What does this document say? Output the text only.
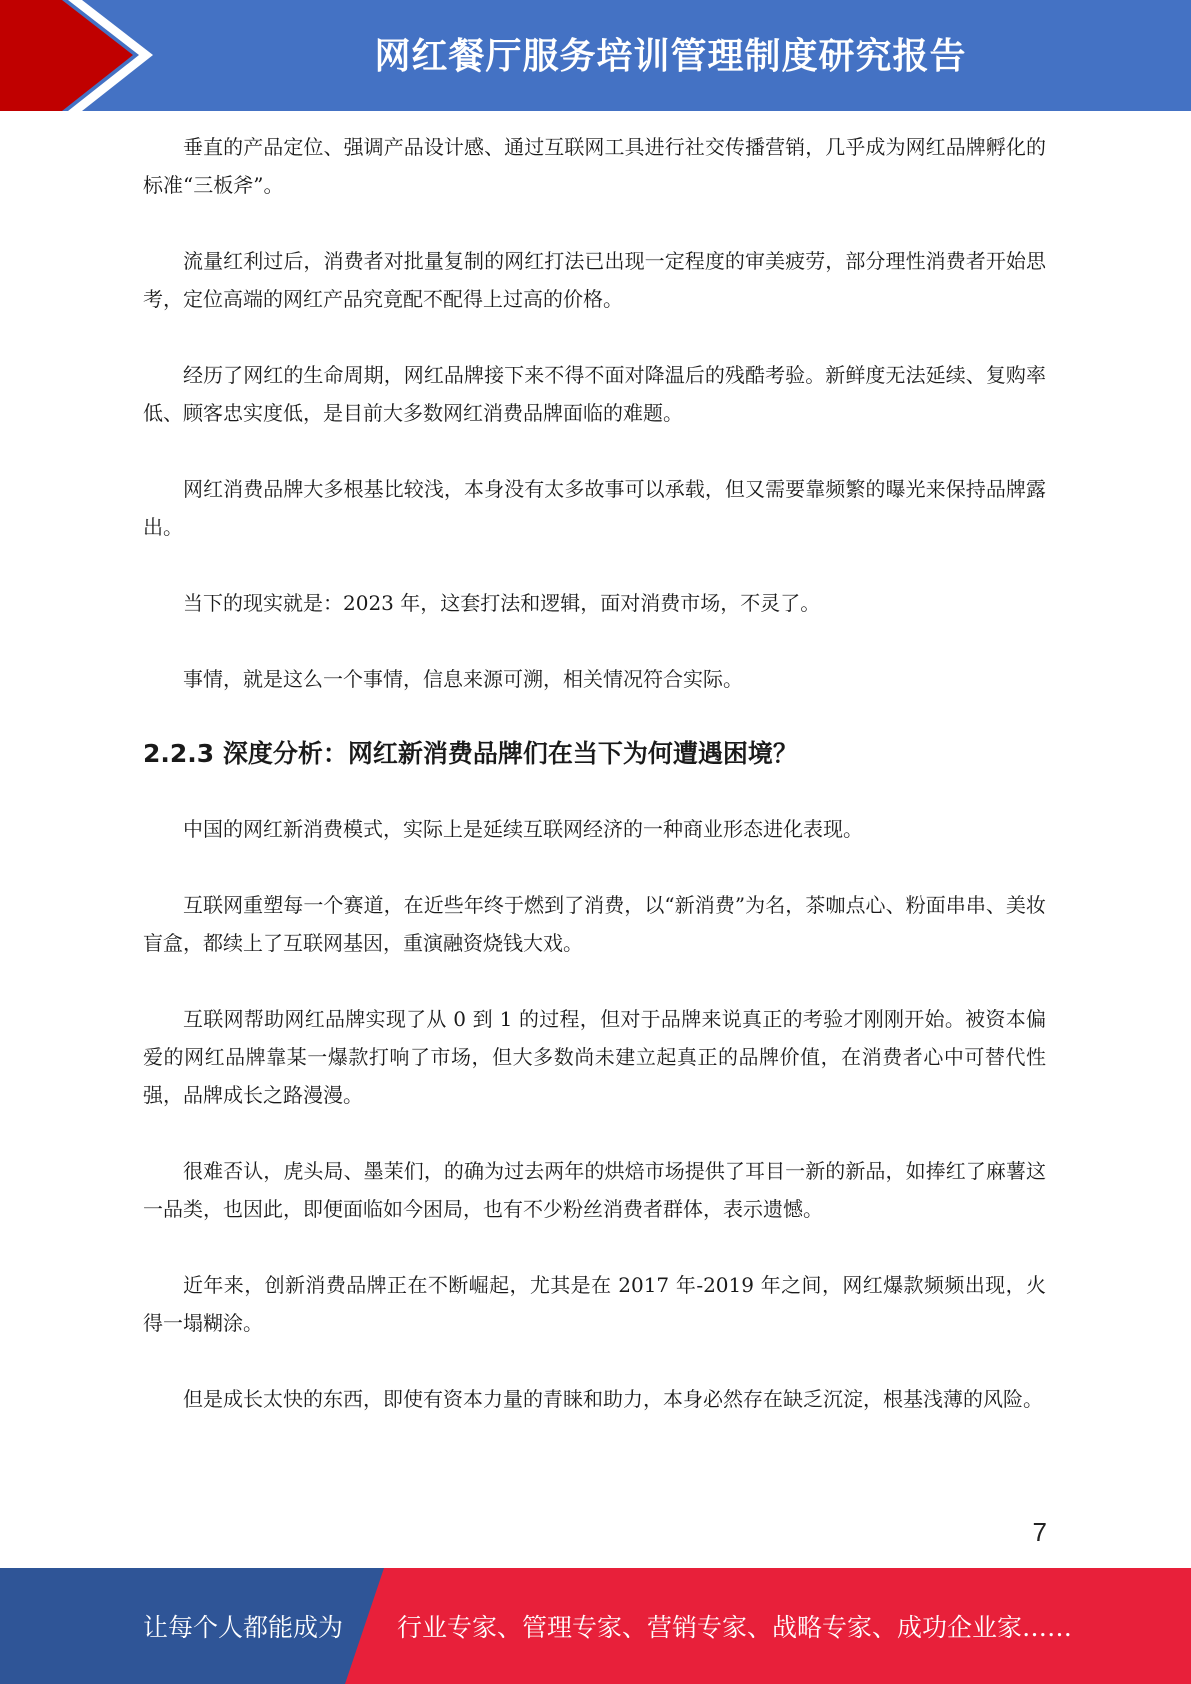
网红餐厅服务培训管理制度研究报告

垂直的产品定位、强调产品设计感、通过互联网工具进行社交传播营销，几乎成为网红品牌孵化的标准“三板斧”。

流量红利过后，消费者对批量复制的网红打法已出现一定程度的审美疲劳，部分理性消费者开始思考，定位高端的网红产品究竟配不配得上过高的价格。

经历了网红的生命周期，网红品牌接下来不得不面对降温后的残酷考验。新鲜度无法延续、复购率低、顾客忠实度低，是目前大多数网红消费品牌面临的难题。

网红消费品牌大多根基比较浅，本身没有太多故事可以承载，但又需要靠频繁的曝光来保持品牌露出。

当下的现实就是：2023 年，这套打法和逻辑，面对消费市场，不灵了。

事情，就是这么一个事情，信息来源可溯，相关情况符合实际。

2.2.3 深度分析：网红新消费品牌们在当下为何遭遇困境？

中国的网红新消费模式，实际上是延续互联网经济的一种商业形态进化表现。

互联网重塑每一个赛道，在近些年终于燃到了消费，以“新消费”为名，茶咖点心、粉面串串、美妆盲盒，都续上了互联网基因，重演融资烧钱大戏。

互联网帮助网红品牌实现了从 0 到 1 的过程，但对于品牌来说真正的考验才刚刚开始。被资本偏爱的网红品牌靠某一爆款打响了市场，但大多数尚未建立起真正的品牌价值，在消费者心中可替代性强，品牌成长之路漫漫。

很难否认，虎头局、墨茉们，的确为过去两年的烘焙市场提供了耳目一新的新品，如捧红了麻薯这一品类，也因此，即便面临如今困局，也有不少粉丝消费者群体，表示遗憾。

近年来，创新消费品牌正在不断崛起，尤其是在 2017 年-2019 年之间，网红爆款频频出现，火得一塌糊涂。

但是成长太快的东西，即使有资本力量的青睐和助力，本身必然存在缺乏沉淀，根基浅薄的风险。

7
让每个人都能成为 行业专家、管理专家、营销专家、战略专家、成功企业家……
